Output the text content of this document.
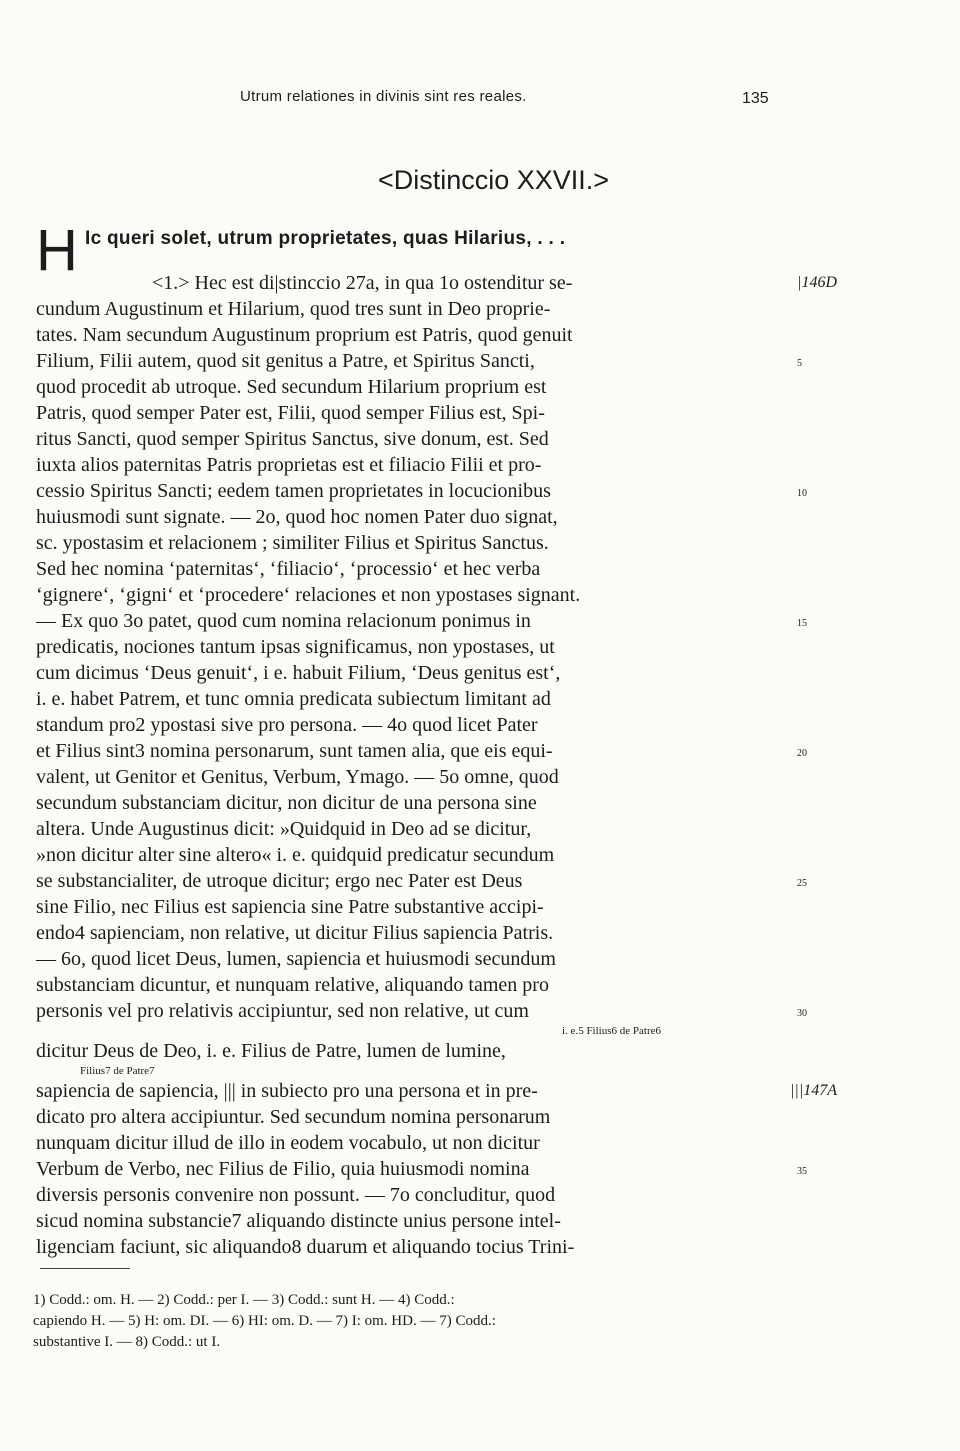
Utrum relationes in divinis sint res reales.	135
<Distinccio XXVII.>
H Ic queri solet, utrum proprietates, quas Hilarius, . . .
<1.> Hec est di|stinccio 27a, in qua 1o ostenditur se-	|146D
cundum Augustinum et Hilarium, quod tres sunt in Deo proprie-
tates. Nam secundum Augustinum proprium est Patris, quod genuit
Filium, Filii autem, quod sit genitus a Patre, et Spiritus Sancti,	5
quod procedit ab utroque. Sed secundum Hilarium proprium est
Patris, quod semper Pater est, Filii, quod semper Filius est, Spi-
ritus Sancti, quod semper Spiritus Sanctus, sive donum, est. Sed
iuxta alios paternitas Patris proprietas est et filiacio Filii et pro-
cessio Spiritus Sancti; eedem tamen proprietates in locucionibus	10
huiusmodi sunt signate. — 2o, quod hoc nomen Pater duo signat,
sc. ypostasim et relacionem ; similiter Filius et Spiritus Sanctus.
Sed hec nomina ‘paternitas‘, ‘filiacio‘, ‘processio‘ et hec verba
‘gignere‘, ‘gigni‘ et ‘procedere‘ relaciones et non ypostases signant.
— Ex quo 3o patet, quod cum nomina relacionum ponimus in	15
predicatis, nociones tantum ipsas significamus, non ypostases, ut
cum dicimus ‘Deus genuit‘, i e. habuit Filium, ‘Deus genitus est‘,
i. e. habet Patrem, et tunc omnia predicata subiectum limitant ad
standum pro2 ypostasi sive pro persona. — 4o quod licet Pater
et Filius sint3 nomina personarum, sunt tamen alia, que eis equi-	20
valent, ut Genitor et Genitus, Verbum, Ymago. — 5o omne, quod
secundum substanciam dicitur, non dicitur de una persona sine
altera. Unde Augustinus dicit: »Quidquid in Deo ad se dicitur,
»non dicitur alter sine altero« i. e. quidquid predicatur secundum
se substancialiter, de utroque dicitur; ergo nec Pater est Deus	25
sine Filio, nec Filius est sapiencia sine Patre substantive accipi-
endo4 sapienciam, non relative, ut dicitur Filius sapiencia Patris.
— 6o, quod licet Deus, lumen, sapiencia et huiusmodi secundum
substanciam dicuntur, et nunquam relative, aliquando tamen pro
personis vel pro relativis accipiuntur, sed non relative, ut cum	30
i. e.5 Filius6 de Patre6
dicitur Deus de Deo, i. e. Filius de Patre, lumen de lumine,
Filius7 de Patre7
sapiencia de sapiencia, ||| in subiecto pro una persona et in pre-	|||147A
dicato pro altera accipiuntur. Sed secundum nomina personarum
nunquam dicitur illud de illo in eodem vocabulo, ut non dicitur
Verbum de Verbo, nec Filius de Filio, quia huiusmodi nomina	35
diversis personis convenire non possunt. — 7o concluditur, quod
sicud nomina substancie7 aliquando distincte unius persone intel-
ligenciam faciunt, sic aliquando8 duarum et aliquando tocius Trini-
1) Codd.: om. H. — 2) Codd.: per I. — 3) Codd.: sunt H. — 4) Codd.:
capiendo H. — 5) H: om. DI. — 6) HI: om. D. — 7) I: om. HD. — 7) Codd.:
substantive I. — 8) Codd.: ut I.
